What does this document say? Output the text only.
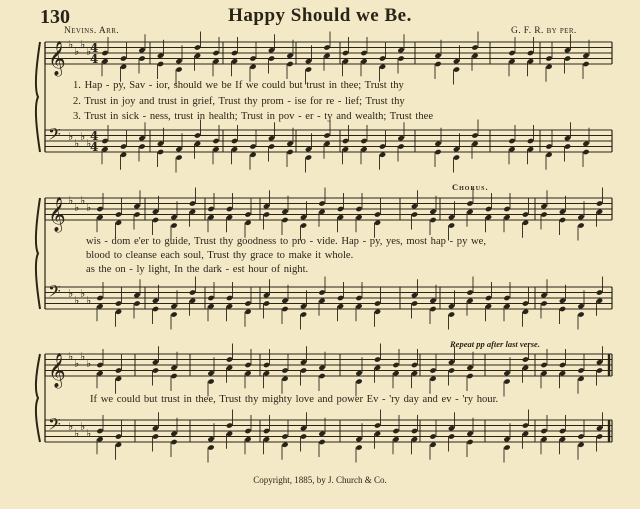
𝄞 ♭
♭
♭
♭
4
4
𝄢 ♭
♭
♭
♭
4
4
𝄞 ♭
♭
♭
♭
𝄢 ♭
♭
♭
♭
𝄞 ♭
♭
♭
♭
𝄢 ♭
♭
♭
♭
130	Happy Should we Be.
Nevins. Arr.	G. F. R. by per.
1. Hap - py, Sav - ior, should we be If we could but trust in thee; Trust thy
2. Trust in joy and trust in grief, Trust thy prom - ise for re - lief; Trust thy
3. Trust in sick - ness, trust in health; Trust in pov - er - ty and wealth; Trust thee
Chorus.
wis - dom e'er to guide, Trust thy goodness to pro - vide. Hap - py, yes, most hap - py we,
blood to cleanse each soul, Trust thy grace to make it whole.
as the on - ly light, In the dark - est hour of night.
Repeat pp after last verse.
If we could but trust in thee, Trust thy mighty love and power Ev - 'ry day and ev - 'ry hour.
Copyright, 1885, by J. Church & Co.
